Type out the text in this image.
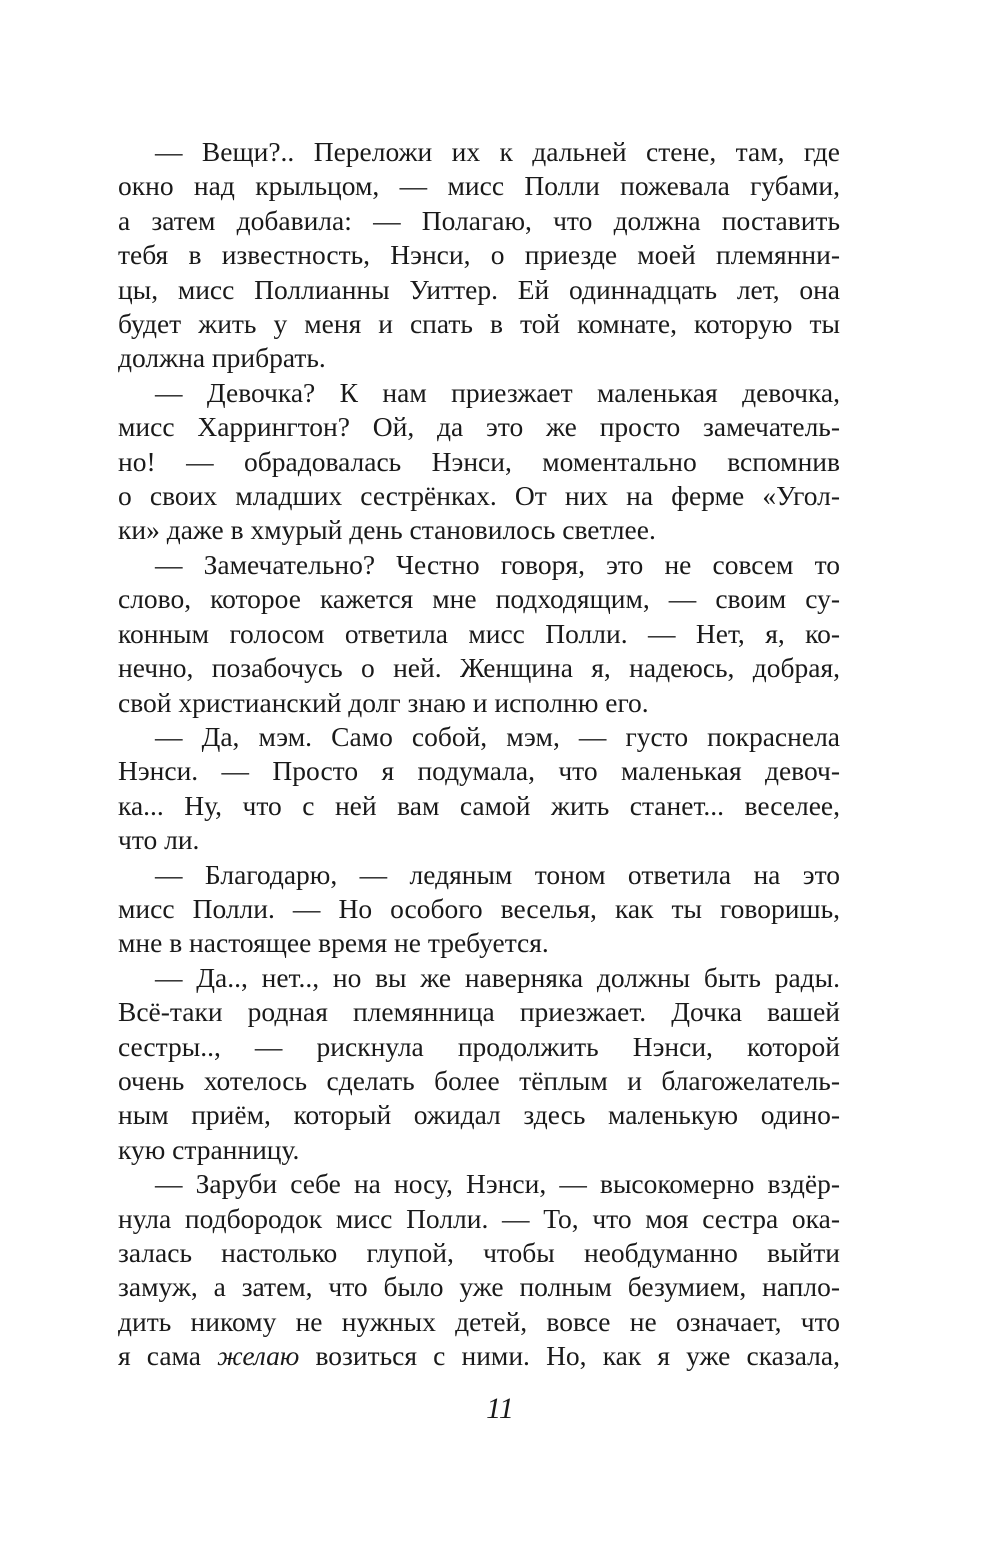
— Вещи?.. Переложи их к дальней стене, там, где
окно над крыльцом, — мисс Полли пожевала губами,
а затем добавила: — Полагаю, что должна поставить
тебя в известность, Нэнси, о приезде моей племянни-
цы, мисс Поллианны Уиттер. Ей одиннадцать лет, она
будет жить у меня и спать в той комнате, которую ты
должна прибрать.

— Девочка? К нам приезжает маленькая девочка,
мисс Харрингтон? Ой, да это же просто замечатель-
но! — обрадовалась Нэнси, моментально вспомнив
о своих младших сестрёнках. От них на ферме «Угол-
ки» даже в хмурый день становилось светлее.

— Замечательно? Честно говоря, это не совсем то
слово, которое кажется мне подходящим, — своим су-
конным голосом ответила мисс Полли. — Нет, я, ко-
нечно, позабочусь о ней. Женщина я, надеюсь, добрая,
свой христианский долг знаю и исполню его.

— Да, мэм. Само собой, мэм, — густо покраснела
Нэнси. — Просто я подумала, что маленькая девоч-
ка... Ну, что с ней вам самой жить станет... веселее,
что ли.

— Благодарю, — ледяным тоном ответила на это
мисс Полли. — Но особого веселья, как ты говоришь,
мне в настоящее время не требуется.

— Да.., нет.., но вы же наверняка должны быть рады.
Всё-таки родная племянница приезжает. Дочка вашей
сестры.., — рискнула продолжить Нэнси, которой
очень хотелось сделать более тёплым и благожелатель-
ным приём, который ожидал здесь маленькую одино-
кую странницу.

— Заруби себе на носу, Нэнси, — высокомерно вздёр-
нула подбородок мисс Полли. — То, что моя сестра ока-
залась настолько глупой, чтобы необдуманно выйти
замуж, а затем, что было уже полным безумием, напло-
дить никому не нужных детей, вовсе не означает, что
я сама желаю возиться с ними. Но, как я уже сказала,

11
